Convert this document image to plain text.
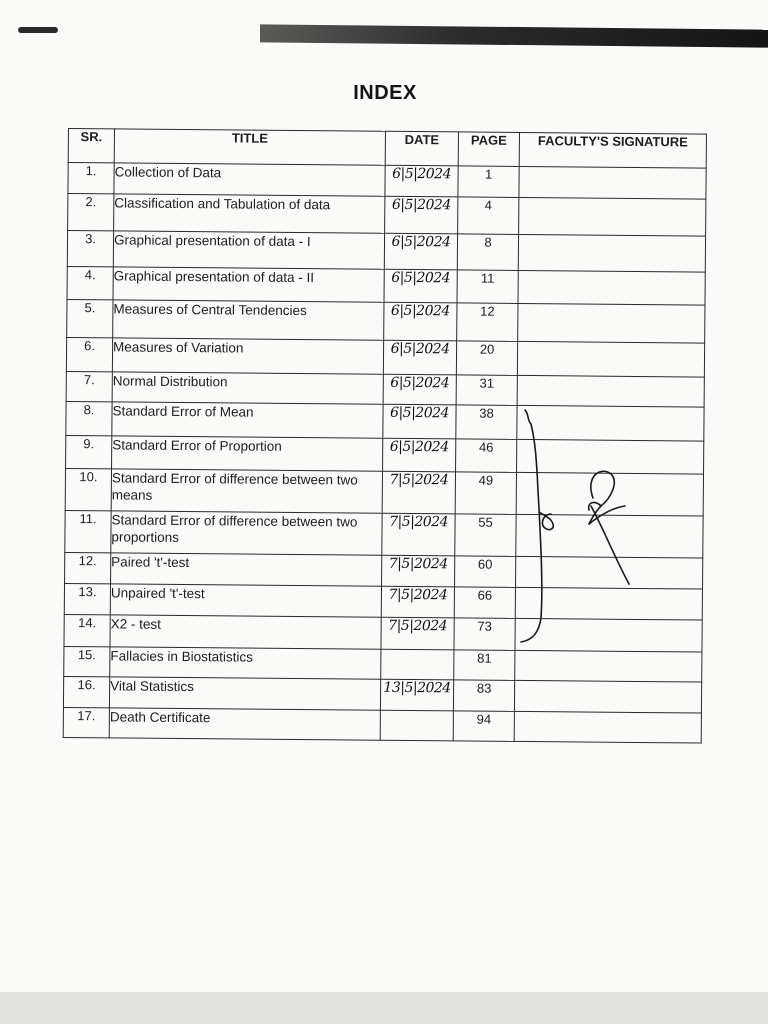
INDEX
SR.	TITLE	DATE	PAGE	FACULTY'S SIGNATURE
1.	Collection of Data	6|5|2024	1	
2.	Classification and Tabulation of data	6|5|2024	4	
3.	Graphical presentation of data - I	6|5|2024	8	
4.	Graphical presentation of data - II	6|5|2024	11	
5.	Measures of Central Tendencies	6|5|2024	12	
6.	Measures of Variation	6|5|2024	20	
7.	Normal Distribution	6|5|2024	31	
8.	Standard Error of Mean	6|5|2024	38	
9.	Standard Error of Proportion	6|5|2024	46	
10.	Standard Error of difference between two means	7|5|2024	49	
11.	Standard Error of difference between two proportions	7|5|2024	55	
12.	Paired 't'-test	7|5|2024	60	
13.	Unpaired 't'-test	7|5|2024	66	
14.	X2 - test	7|5|2024	73	
15.	Fallacies in Biostatistics		81	
16.	Vital Statistics	13|5|2024	83	
17.	Death Certificate		94	
